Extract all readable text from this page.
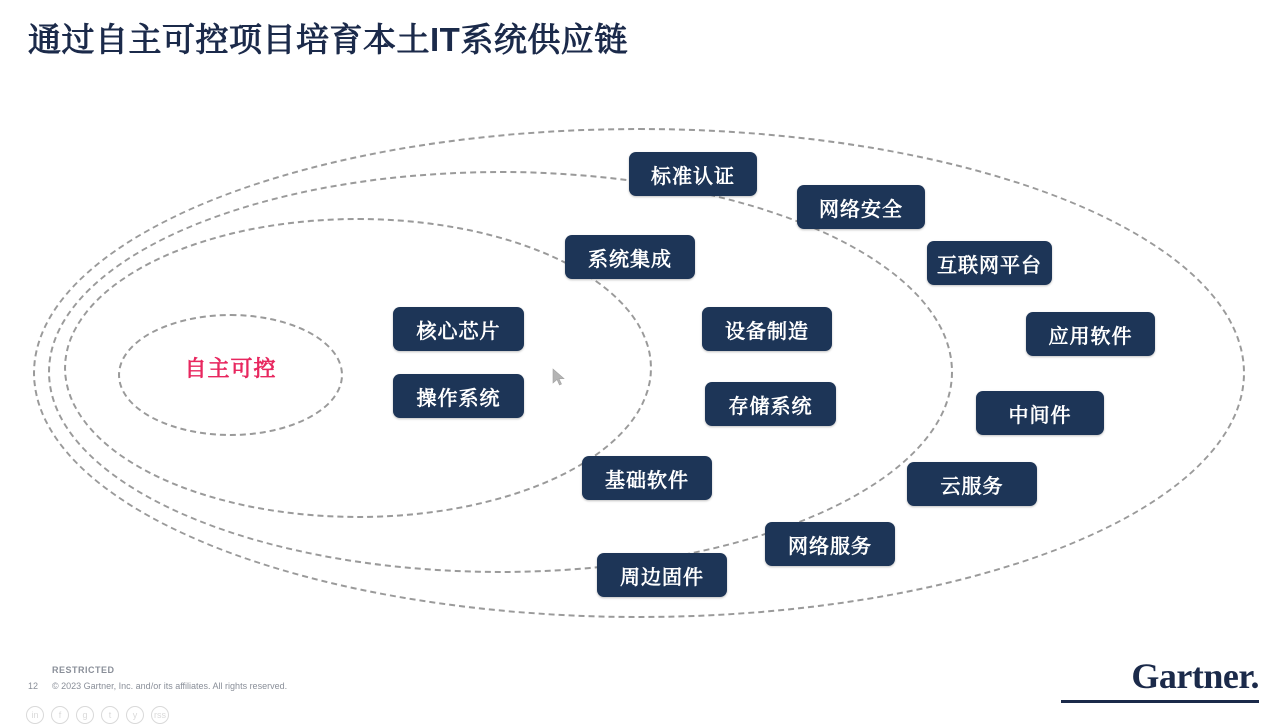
通过自主可控项目培育本土IT系统供应链
自主可控
标准认证
网络安全
系统集成	互联网平台
核心芯片	设备制造	应用软件
操作系统	存储系统	中间件
基础软件	云服务
网络服务
周边固件
RESTRICTED
12 © 2023 Gartner, Inc. and/or its affiliates. All rights reserved.	Gartner.
in	f	g	t	y	rss
